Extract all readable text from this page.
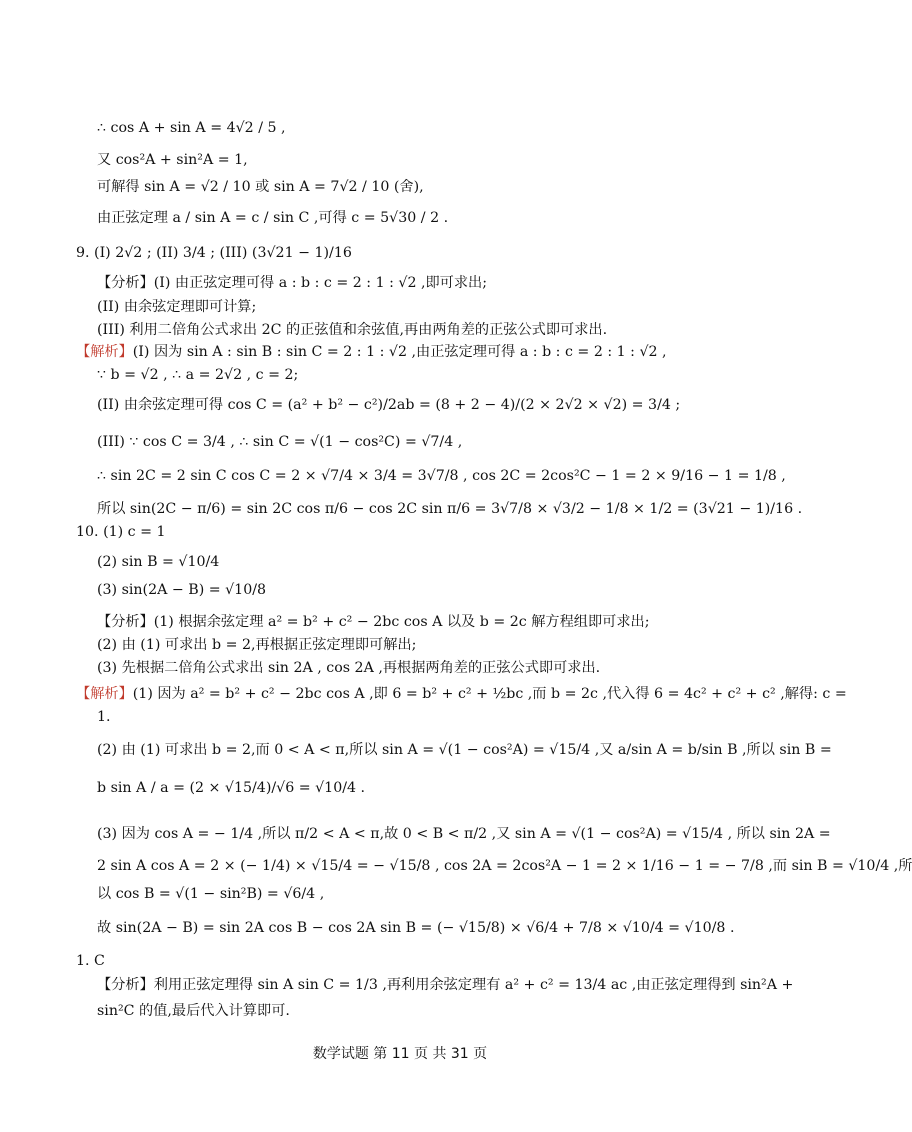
∴ cos A + sin A = 4√2 / 5 ,
又 cos²A + sin²A = 1,
可解得 sin A = √2 / 10 或 sin A = 7√2 / 10 (舍),
由正弦定理 a / sin A = c / sin C ,可得 c = 5√30 / 2 .
9. (I) 2√2 ; (II) 3/4 ; (III) (3√21 − 1)/16
【分析】(I) 由正弦定理可得 a : b : c = 2 : 1 : √2 ,即可求出;
(II) 由余弦定理即可计算;
(III) 利用二倍角公式求出 2C 的正弦值和余弦值,再由两角差的正弦公式即可求出.
【解析】(I) 因为 sin A : sin B : sin C = 2 : 1 : √2 ,由正弦定理可得 a : b : c = 2 : 1 : √2 ,
∵ b = √2 , ∴ a = 2√2 , c = 2;
(II) 由余弦定理可得 cos C = (a² + b² − c²)/2ab = (8 + 2 − 4)/(2 × 2√2 × √2) = 3/4 ;
(III) ∵ cos C = 3/4 , ∴ sin C = √(1 − cos²C) = √7/4 ,
∴ sin 2C = 2 sin C cos C = 2 × √7/4 × 3/4 = 3√7/8 , cos 2C = 2cos²C − 1 = 2 × 9/16 − 1 = 1/8 ,
所以 sin(2C − π/6) = sin 2C cos π/6 − cos 2C sin π/6 = 3√7/8 × √3/2 − 1/8 × 1/2 = (3√21 − 1)/16 .
10. (1) c = 1
(2) sin B = √10/4
(3) sin(2A − B) = √10/8
【分析】(1) 根据余弦定理 a² = b² + c² − 2bc cos A 以及 b = 2c 解方程组即可求出;
(2) 由 (1) 可求出 b = 2,再根据正弦定理即可解出;
(3) 先根据二倍角公式求出 sin 2A , cos 2A ,再根据两角差的正弦公式即可求出.
【解析】(1) 因为 a² = b² + c² − 2bc cos A ,即 6 = b² + c² + ½bc ,而 b = 2c ,代入得 6 = 4c² + c² + c² ,解得: c =
1.
(2) 由 (1) 可求出 b = 2,而 0 < A < π,所以 sin A = √(1 − cos²A) = √15/4 ,又 a/sin A = b/sin B ,所以 sin B =
b sin A / a = (2 × √15/4)/√6 = √10/4 .
(3) 因为 cos A = − 1/4 ,所以 π/2 < A < π,故 0 < B < π/2 ,又 sin A = √(1 − cos²A) = √15/4 , 所以 sin 2A =
2 sin A cos A = 2 × (− 1/4) × √15/4 = − √15/8 , cos 2A = 2cos²A − 1 = 2 × 1/16 − 1 = − 7/8 ,而 sin B = √10/4 ,所
以 cos B = √(1 − sin²B) = √6/4 ,
故 sin(2A − B) = sin 2A cos B − cos 2A sin B = (− √15/8) × √6/4 + 7/8 × √10/4 = √10/8 .
1. C
【分析】利用正弦定理得 sin A sin C = 1/3 ,再利用余弦定理有 a² + c² = 13/4 ac ,由正弦定理得到 sin²A +
sin²C 的值,最后代入计算即可.
数学试题 第 11 页 共 31 页
